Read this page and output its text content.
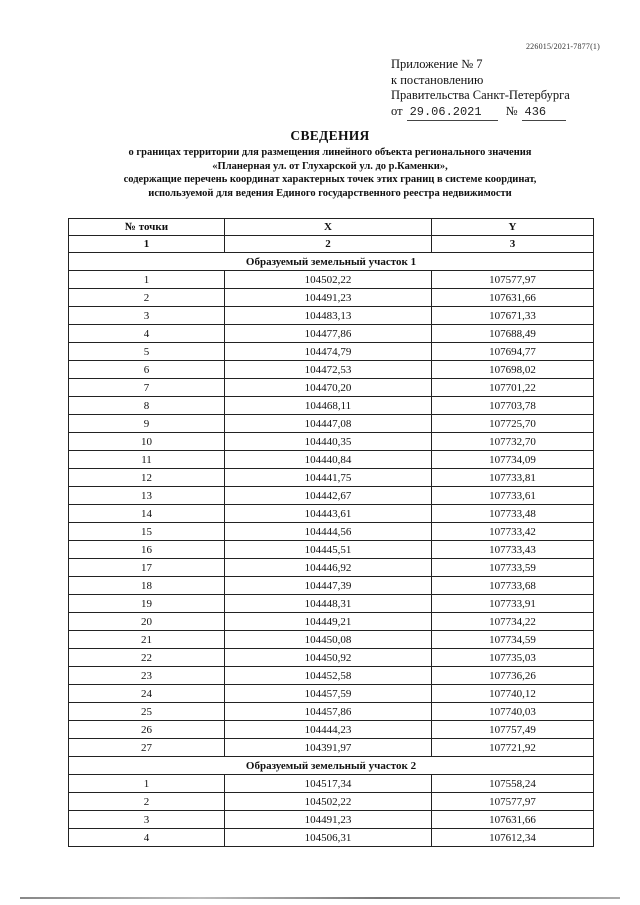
226015/2021-7877(1)
Приложение № 7
к постановлению
Правительства Санкт-Петербурга
от 29.06.2021	№ 436
СВЕДЕНИЯ
о границах территории для размещения линейного объекта регионального значения
«Планерная ул. от Глухарской ул. до р.Каменки»,
содержащие перечень координат характерных точек этих границ в системе координат,
используемой для ведения Единого государственного реестра недвижимости
№ точки	X	Y
1	2	3
Образуемый земельный участок 1		
1	104502,22	107577,97
2	104491,23	107631,66
3	104483,13	107671,33
4	104477,86	107688,49
5	104474,79	107694,77
6	104472,53	107698,02
7	104470,20	107701,22
8	104468,11	107703,78
9	104447,08	107725,70
10	104440,35	107732,70
11	104440,84	107734,09
12	104441,75	107733,81
13	104442,67	107733,61
14	104443,61	107733,48
15	104444,56	107733,42
16	104445,51	107733,43
17	104446,92	107733,59
18	104447,39	107733,68
19	104448,31	107733,91
20	104449,21	107734,22
21	104450,08	107734,59
22	104450,92	107735,03
23	104452,58	107736,26
24	104457,59	107740,12
25	104457,86	107740,03
26	104444,23	107757,49
27	104391,97	107721,92
Образуемый земельный участок 2		
1	104517,34	107558,24
2	104502,22	107577,97
3	104491,23	107631,66
4	104506,31	107612,34
